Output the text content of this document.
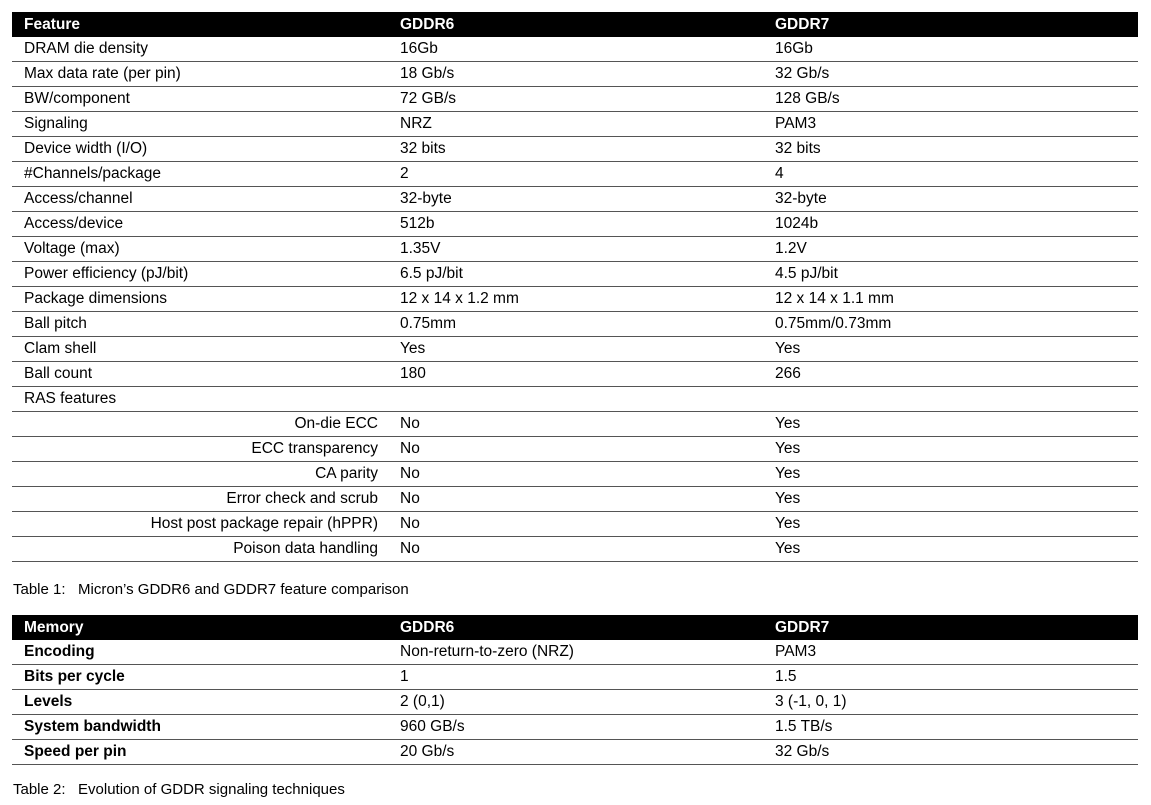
Feature	GDDR6	GDDR7
DRAM die density	16Gb	16Gb
Max data rate (per pin)	18 Gb/s	32 Gb/s
BW/component	72 GB/s	128 GB/s
Signaling	NRZ	PAM3
Device width (I/O)	32 bits	32 bits
#Channels/package	2	4
Access/channel	32-byte	32-byte
Access/device	512b	1024b
Voltage (max)	1.35V	1.2V
Power efficiency (pJ/bit)	6.5 pJ/bit	4.5 pJ/bit
Package dimensions	12 x 14 x 1.2 mm	12 x 14 x 1.1 mm
Ball pitch	0.75mm	0.75mm/0.73mm
Clam shell	Yes	Yes
Ball count	180	266
RAS features		
On-die ECC	No	Yes
ECC transparency	No	Yes
CA parity	No	Yes
Error check and scrub	No	Yes
Host post package repair (hPPR)	No	Yes
Poison data handling	No	Yes
Table 1:   Micron’s GDDR6 and GDDR7 feature comparison
Memory	GDDR6	GDDR7
Encoding	Non-return-to-zero (NRZ)	PAM3
Bits per cycle	1	1.5
Levels	2 (0,1)	3 (-1, 0, 1)
System bandwidth	960 GB/s	1.5 TB/s
Speed per pin	20 Gb/s	32 Gb/s
Table 2:   Evolution of GDDR signaling techniques
